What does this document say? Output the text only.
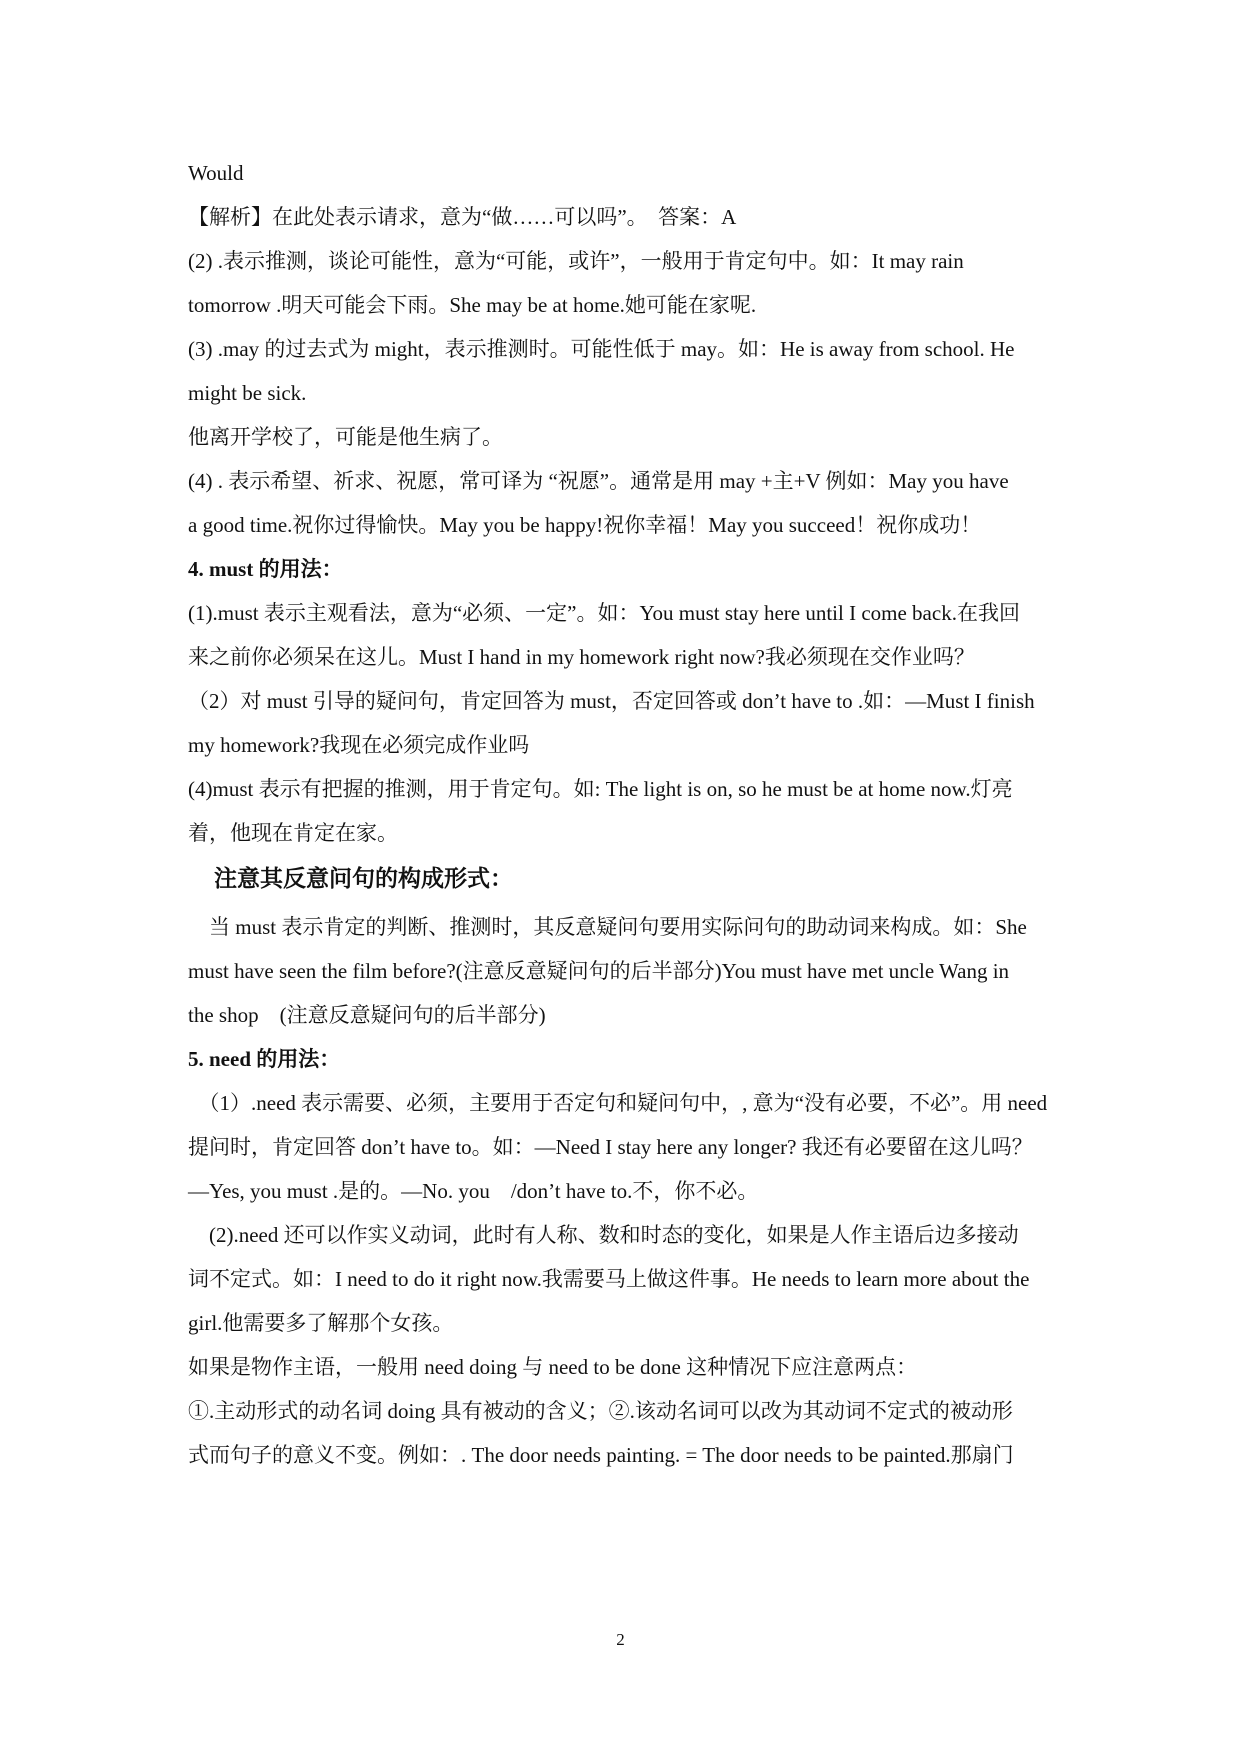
Would
【解析】在此处表示请求，意为“做……可以吗”。　答案：A
(2) .表示推测，谈论可能性，意为“可能，或许”，一般用于肯定句中。如：It may rain
tomorrow .明天可能会下雨。She may be at home.她可能在家呢.
(3) .may 的过去式为 might，表示推测时。可能性低于 may。如：He is away from school. He
might be sick.
他离开学校了，可能是他生病了。
(4) . 表示希望、祈求、祝愿，常可译为 “祝愿”。通常是用 may +主+V 例如：May you have
a good time.祝你过得愉快。May you be happy!祝你幸福！May you succeed！祝你成功！
4. must 的用法：
(1).must 表示主观看法，意为“必须、一定”。如：You must stay here until I come back.在我回
来之前你必须呆在这儿。Must I hand in my homework right now?我必须现在交作业吗？
（2）对 must 引导的疑问句，肯定回答为 must，否定回答或 don’t have to .如：—Must I finish
my homework?我现在必须完成作业吗
(4)must 表示有把握的推测，用于肯定句。如: The light is on, so he must be at home now.灯亮
着，他现在肯定在家。
注意其反意问句的构成形式：
　当 must 表示肯定的判断、推测时，其反意疑问句要用实际问句的助动词来构成。如：She
must have seen the film before?(注意反意疑问句的后半部分)You must have met uncle Wang in
the shop　(注意反意疑问句的后半部分)
5. need 的用法：
　（1）.need 表示需要、必须，主要用于否定句和疑问句中，, 意为“没有必要，不必”。用 need
提问时，肯定回答 don’t have to。如：—Need I stay here any longer? 我还有必要留在这儿吗？
—Yes, you must .是的。—No. you　/don’t have to.不，你不必。
　(2).need 还可以作实义动词，此时有人称、数和时态的变化，如果是人作主语后边多接动
词不定式。如：I need to do it right now.我需要马上做这件事。He needs to learn more about the
girl.他需要多了解那个女孩。
如果是物作主语，一般用 need doing 与 need to be done 这种情况下应注意两点：
①.主动形式的动名词 doing 具有被动的含义；②.该动名词可以改为其动词不定式的被动形
式而句子的意义不变。例如：. The door needs painting. = The door needs to be painted.那扇门
2
